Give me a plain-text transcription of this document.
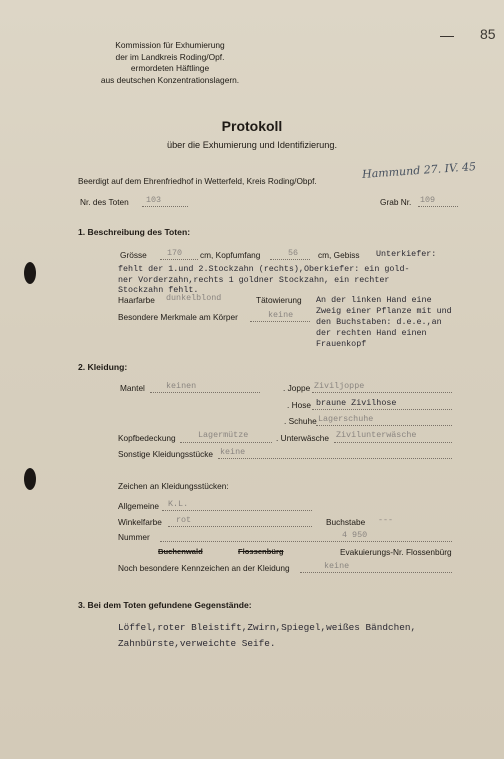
Kommission für Exhumierung
der im Landkreis Roding/Opf.
ermordeten Häftlinge
aus deutschen Konzentrationslagern.
85
Protokoll
über die Exhumierung und Identifizierung.
Beerdigt auf dem Ehrenfriedhof in Wetterfeld, Kreis Roding/Obpf.
Hammund 27. IV. 45
Nr. des Toten 103	Grab Nr. 109
1. Beschreibung des Toten:
Grösse 170 cm, Kopfumfang	56 cm, Gebiss Unterkiefer:
fehlt der 1.und 2.Stockzahn (rechts),Oberkiefer: ein gold-
ner Vorderzahn,rechts 1 goldner Stockzahn, ein rechter
Stockzahn fehlt.
Haarfarbe dunkelblond	Tätowierung An der linken Hand eine
Zweig einer Pflanze mit und
den Buchstaben: d.e.e.,an
der rechten Hand einen
Frauenkopf
Besondere Merkmale am Körper	keine
2. Kleidung:
Mantel	keinen	. Joppe Ziviljoppe
. Hose braune Zivilhose
. Schuhe Lagerschuhe
Kopfbedeckung	Lagermütze	. Unterwäsche Zivilunterwäsche
Sonstige Kleidungsstücke keine
Zeichen an Kleidungsstücken:
Allgemeine K.L.
Winkelfarbe rot	Buchstabe ---
Nummer	4 950
Buchenwald	Flossenbürg	Evakuierungs-Nr. Flossenbürg
Noch besondere Kennzeichen an der Kleidung	keine
3. Bei dem Toten gefundene Gegenstände:
Löffel,roter Bleistift,Zwirn,Spiegel,weißes Bändchen,
Zahnbürste,verweichte Seife.
